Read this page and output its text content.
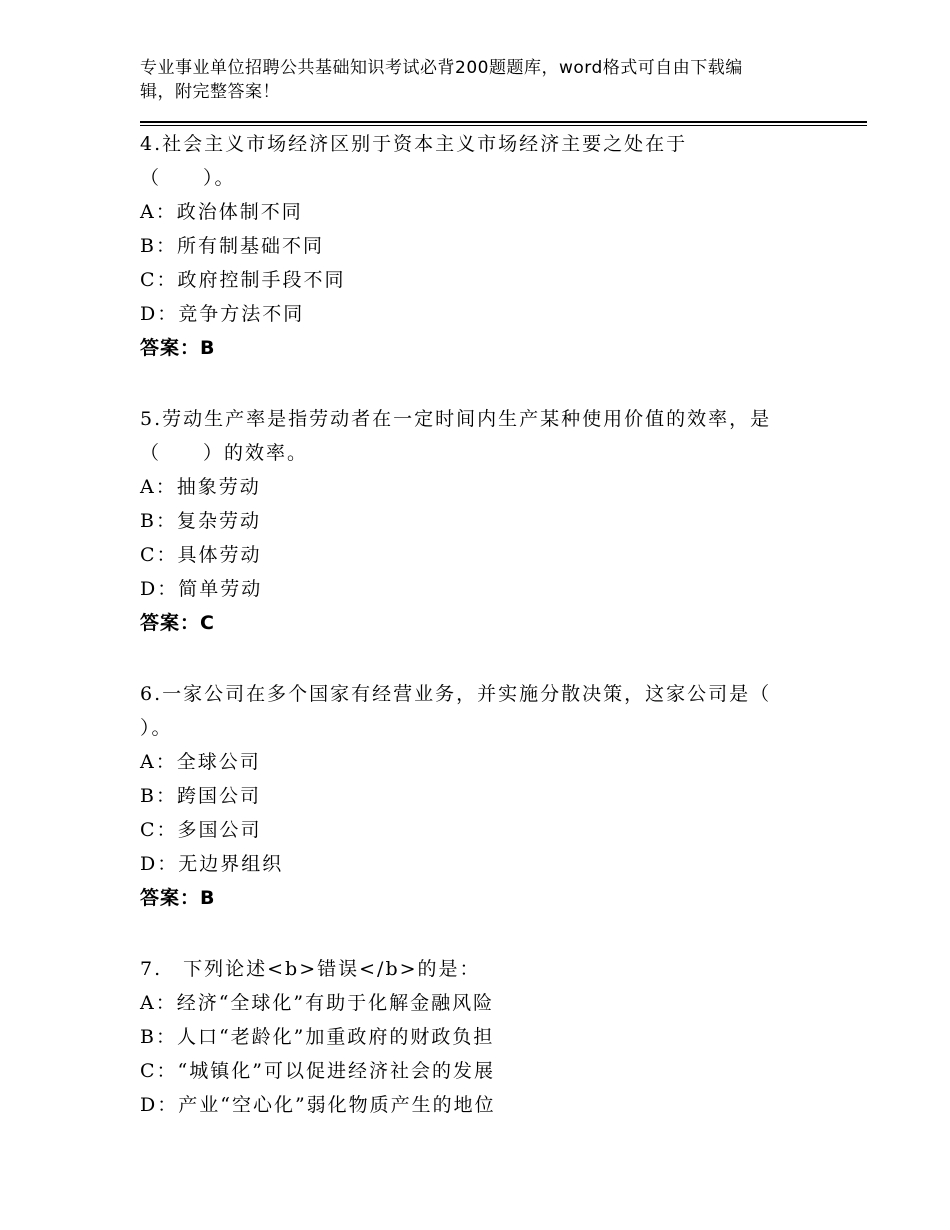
专业事业单位招聘公共基础知识考试必背200题题库，word格式可自由下载编
辑，附完整答案！
4.社会主义市场经济区别于资本主义市场经济主要之处在于
（　　）。
A：政治体制不同
B：所有制基础不同
C：政府控制手段不同
D：竞争方法不同
答案：B
5.劳动生产率是指劳动者在一定时间内生产某种使用价值的效率，是
（　　）的效率。
A：抽象劳动
B：复杂劳动
C：具体劳动
D：简单劳动
答案：C
6.一家公司在多个国家有经营业务，并实施分散决策，这家公司是（
）。
A：全球公司
B：跨国公司
C：多国公司
D：无边界组织
答案：B
7.　下列论述<b>错误</b>的是：
A：经济“全球化”有助于化解金融风险
B：人口“老龄化”加重政府的财政负担
C：“城镇化”可以促进经济社会的发展
D：产业“空心化”弱化物质产生的地位
